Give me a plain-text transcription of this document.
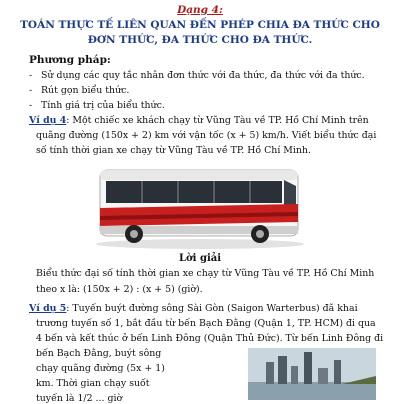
Dạng 4:
TOÁN THỰC TẾ LIÊN QUAN ĐẾN PHÉP CHIA ĐA THỨC CHO
ĐƠN THỨC, ĐA THỨC CHO ĐA THỨC.
Phương pháp:
- Sử dụng các quy tắc nhân đơn thức với đa thức, đa thức với đa thức.
- Rút gọn biểu thức.
- Tính giá trị của biểu thức.
Ví dụ 4: Một chiếc xe khách chạy từ Vũng Tàu về TP. Hồ Chí Minh trên
quãng đường (150x + 2) km với vận tốc (x + 5) km/h. Viết biểu thức đại
số tính thời gian xe chạy từ Vũng Tàu về TP. Hồ Chí Minh.
Lời giải
Biểu thức đại số tính thời gian xe chạy từ Vũng Tàu về TP. Hồ Chí Minh
theo x là: (150x + 2) : (x + 5) (giờ).
Ví dụ 5: Tuyến buýt đường sông Sài Gòn (Saigon Warterbus) đã khai
trương tuyến số 1, bắt đầu từ bến Bạch Đằng (Quận 1, TP. HCM) đi qua
4 bến và kết thúc ở bến Linh Đông (Quận Thủ Đức). Từ bến Linh Đông đi
bến Bạch Đằng, buýt sông
chạy quãng đường (5x + 1)
km. Thời gian chạy suốt
tuyến là 1/2 ... giờ
